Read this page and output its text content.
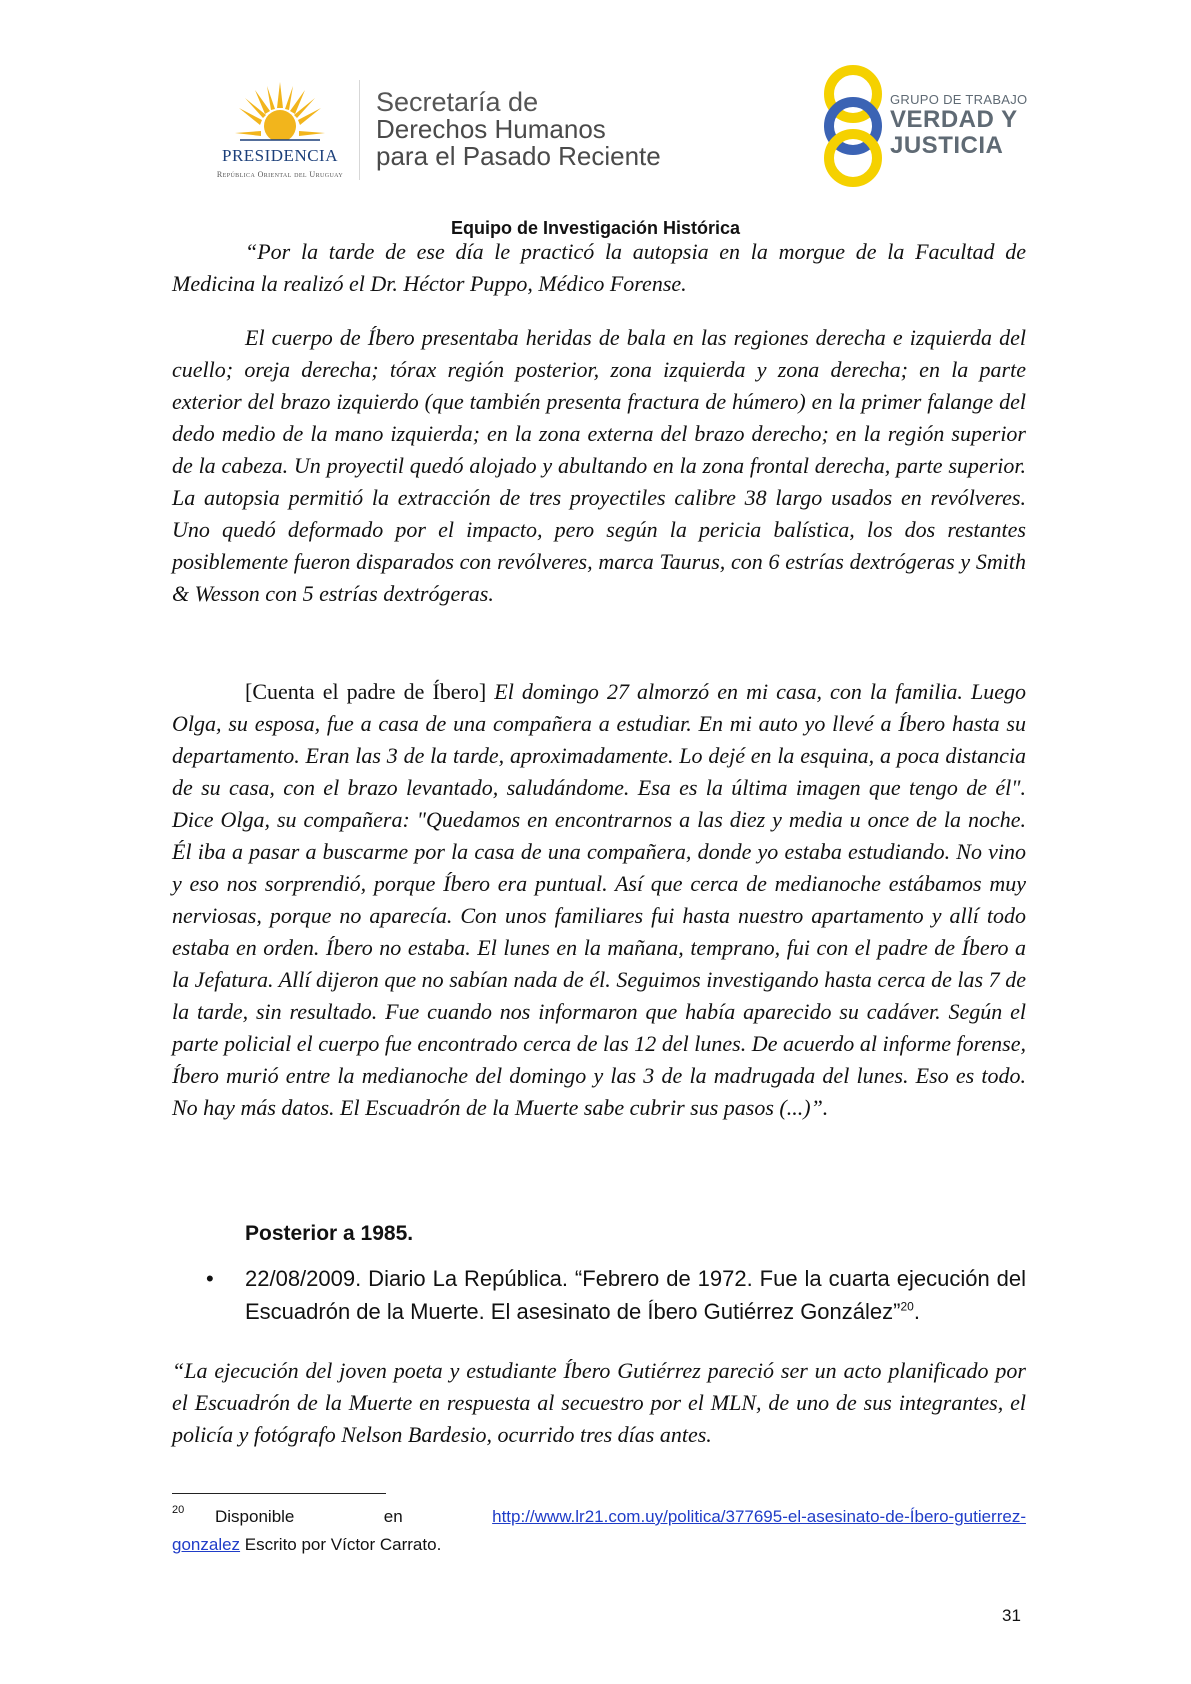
PRESIDENCIA
República Oriental del Uruguay
Secretaría de
Derechos Humanos
para el Pasado Reciente
GRUPO DE TRABAJO
VERDAD Y
JUSTICIA
Equipo de Investigación Histórica

“Por la tarde de ese día le practicó la autopsia en la morgue de la Facultad de Medicina la realizó el Dr. Héctor Puppo, Médico Forense.

El cuerpo de Íbero presentaba heridas de bala en las regiones derecha e izquierda del cuello; oreja derecha; tórax región posterior, zona izquierda y zona derecha; en la parte exterior del brazo izquierdo (que también presenta fractura de húmero) en la primer falange del dedo medio de la mano izquierda; en la zona externa del brazo derecho; en la región superior de la cabeza. Un proyectil quedó alojado y abultando en la zona frontal derecha, parte superior. La autopsia permitió la extracción de tres proyectiles calibre 38 largo usados en revólveres. Uno quedó deformado por el impacto, pero según la pericia balística, los dos restantes posiblemente fueron disparados con revólveres, marca Taurus, con 6 estrías dextrógeras y Smith & Wesson con 5 estrías dextrógeras.

[Cuenta el padre de Íbero] El domingo 27 almorzó en mi casa, con la familia. Luego Olga, su esposa, fue a casa de una compañera a estudiar. En mi auto yo llevé a Íbero hasta su departamento. Eran las 3 de la tarde, aproximadamente. Lo dejé en la esquina, a poca distancia de su casa, con el brazo levantado, saludándome. Esa es la última imagen que tengo de él". Dice Olga, su compañera: "Quedamos en encontrarnos a las diez y media u once de la noche. Él iba a pasar a buscarme por la casa de una compañera, donde yo estaba estudiando. No vino y eso nos sorprendió, porque Íbero era puntual. Así que cerca de medianoche estábamos muy nerviosas, porque no aparecía. Con unos familiares fui hasta nuestro apartamento y allí todo estaba en orden. Íbero no estaba. El lunes en la mañana, temprano, fui con el padre de Íbero a la Jefatura. Allí dijeron que no sabían nada de él. Seguimos investigando hasta cerca de las 7 de la tarde, sin resultado. Fue cuando nos informaron que había aparecido su cadáver. Según el parte policial el cuerpo fue encontrado cerca de las 12 del lunes. De acuerdo al informe forense, Íbero murió entre la medianoche del domingo y las 3 de la madrugada del lunes. Eso es todo. No hay más datos. El Escuadrón de la Muerte sabe cubrir sus pasos (...)”.

Posterior a 1985.
• 22/08/2009. Diario La República. “Febrero de 1972. Fue la cuarta ejecución del Escuadrón de la Muerte. El asesinato de Íbero Gutiérrez González”$^{20}$.

“La ejecución del joven poeta y estudiante Íbero Gutiérrez pareció ser un acto planificado por el Escuadrón de la Muerte en respuesta al secuestro por el MLN, de uno de sus integrantes, el policía y fotógrafo Nelson Bardesio, ocurrido tres días antes.

20 Disponible	en	http://www.lr21.com.uy/politica/377695-el-asesinato-de-Íbero-gutierrez-
gonzalez Escrito por Víctor Carrato.
31
